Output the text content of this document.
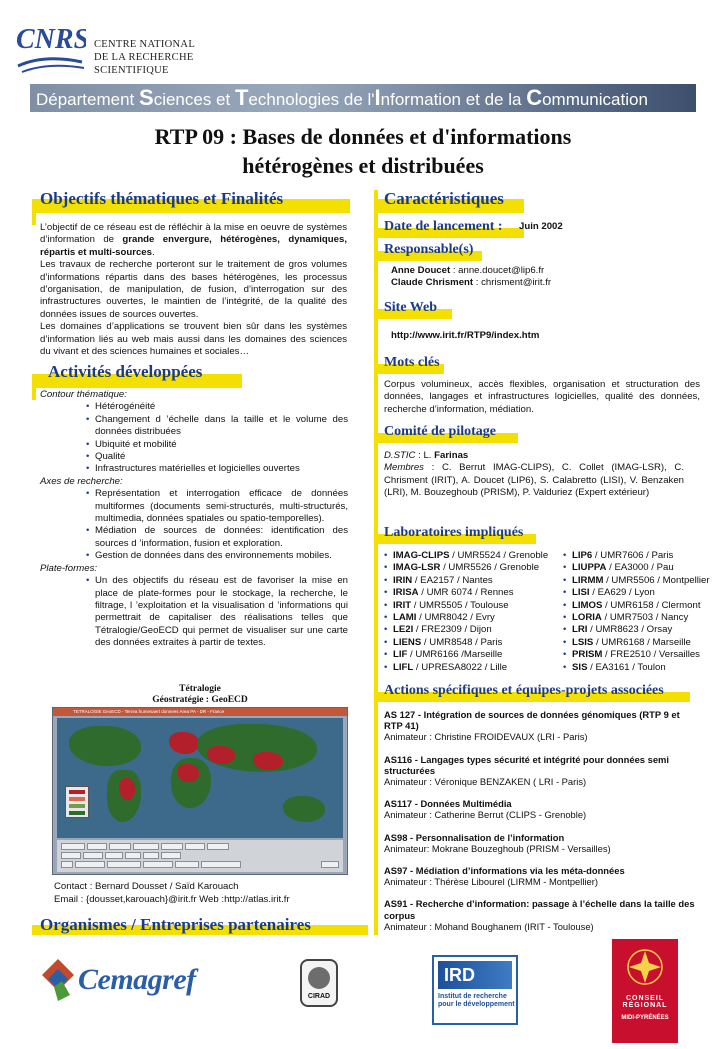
CNRS CENTRE NATIONAL
DE LA RECHERCHE
SCIENTIFIQUE
Département Sciences et Technologies de l'Information et de la Communication
RTP 09 : Bases de données et d'informations
hétérogènes et distribuées
Objectifs thématiques et Finalités
L’objectif de ce réseau est de réfléchir à la mise en oeuvre de systèmes d’information de grande envergure, hétérogènes, dynamiques, répartis et multi-sources.
Les travaux de recherche porteront sur le traitement de gros volumes d’informations répartis dans des bases hétérogènes, les processus d’organisation, de manipulation, de fusion, d’interrogation sur des infrastructures ouvertes, le maintien de l’intégrité, de la qualité des données issues de sources ouvertes.
Les domaines d’applications se trouvent bien sûr dans les systèmes d’information liés au web mais aussi dans les domaines des sciences du vivant et des sciences humaines et sociales…
Activités développées
Contour thématique:
• Hétérogénéité
• Changement d ’échelle dans la taille et le volume des données distribuées
• Ubiquité et mobilité
• Qualité
• Infrastructures matérielles et logicielles ouvertes
Axes de recherche:
• Représentation et interrogation efficace de données multiformes (documents semi-structurés, multi-structurés, multimedia, données spatiales ou spatio-temporelles).
• Médiation de sources de données: identification des sources d ’information, fusion et exploration.
• Gestion de données dans des environnements mobiles.
Plate-formes:
• Un des objectifs du réseau est de favoriser la mise en place de plate-formes pour le stockage, la recherche, le filtrage, l ’exploitation et la visualisation d ’informations qui permettrait de capitaliser des réalisations telles que Tétralogie/GeoECD qui permet de visualiser sur une carte des données extraites à partir de textes.
Tétralogie
Géostratégie : GeoECD
TETRALOGIE GeoECD - Terrea humesaert donnees Area PA - DR - France
Contact : Bernard Dousset / Saïd Karouach
Email : {dousset,karouach}@irit.fr Web :http://atlas.irit.fr
Organismes / Entreprises partenaires
Caractéristiques
Date de lancement : Juin 2002
Responsable(s)
Anne Doucet : anne.doucet@lip6.fr
Claude Chrisment : chrisment@irit.fr
Site Web
http://www.irit.fr/RTP9/index.htm
Mots clés
Corpus volumineux, accès flexibles, organisation et structuration des données, langages et infrastructures logicielles, qualité des données, recherche d’information, médiation.
Comité de pilotage
D.STIC : L. Farinas
Membres : C. Berrut IMAG-CLIPS), C. Collet (IMAG-LSR), C. Chrisment (IRIT), A. Doucet (LIP6), S. Calabretto (LISI), V. Benzaken (LRI), M. Bouzeghoub (PRISM), P. Valduriez (Expert extérieur)
Laboratoires impliqués
• IMAG-CLIPS / UMR5524 / Grenoble
• IMAG-LSR / UMR5526 / Grenoble
• IRIN / EA2157 / Nantes
• IRISA / UMR 6074 / Rennes
• IRIT / UMR5505 / Toulouse
• LAMI / UMR8042 / Evry
• LE2I / FRE2309 / Dijon
• LIENS / UMR8548 / Paris
• LIF / UMR6166 /Marseille
• LIFL / UPRESA8022 / Lille
• LIP6 / UMR7606 / Paris
• LIUPPA / EA3000 / Pau
• LIRMM / UMR5506 / Montpellier
• LISI / EA629 / Lyon
• LIMOS / UMR6158 / Clermont
• LORIA / UMR7503 / Nancy
• LRI / UMR8623 / Orsay
• LSIS / UMR6168 / Marseille
• PRISM / FRE2510 / Versailles
• SIS / EA3161 / Toulon
Actions spécifiques et équipes-projets associées
AS 127 - Intégration de sources de données génomiques (RTP 9 et RTP 41)
Animateur : Christine FROIDEVAUX (LRI - Paris)
AS116 - Langages types sécurité et intégrité pour données semi structurées
Animateur : Véronique BENZAKEN ( LRI - Paris)
AS117 - Données Multimédia
Animateur : Catherine Berrut (CLIPS - Grenoble)
AS98 - Personnalisation de l’information
Animateur: Mokrane Bouzeghoub (PRISM - Versailles)
AS97 - Médiation d’informations via les méta-données
Animateur : Thérèse Libourel (LIRMM - Montpellier)
AS91 - Recherche d’information: passage à l’échelle dans la taille des corpus
Animateur : Mohand Boughanem (IRIT - Toulouse)
Cemagref
CIRAD
IRD
Institut de recherche
pour le développement
CONSEIL
RÉGIONAL
MIDI-PYRÉNÉES
